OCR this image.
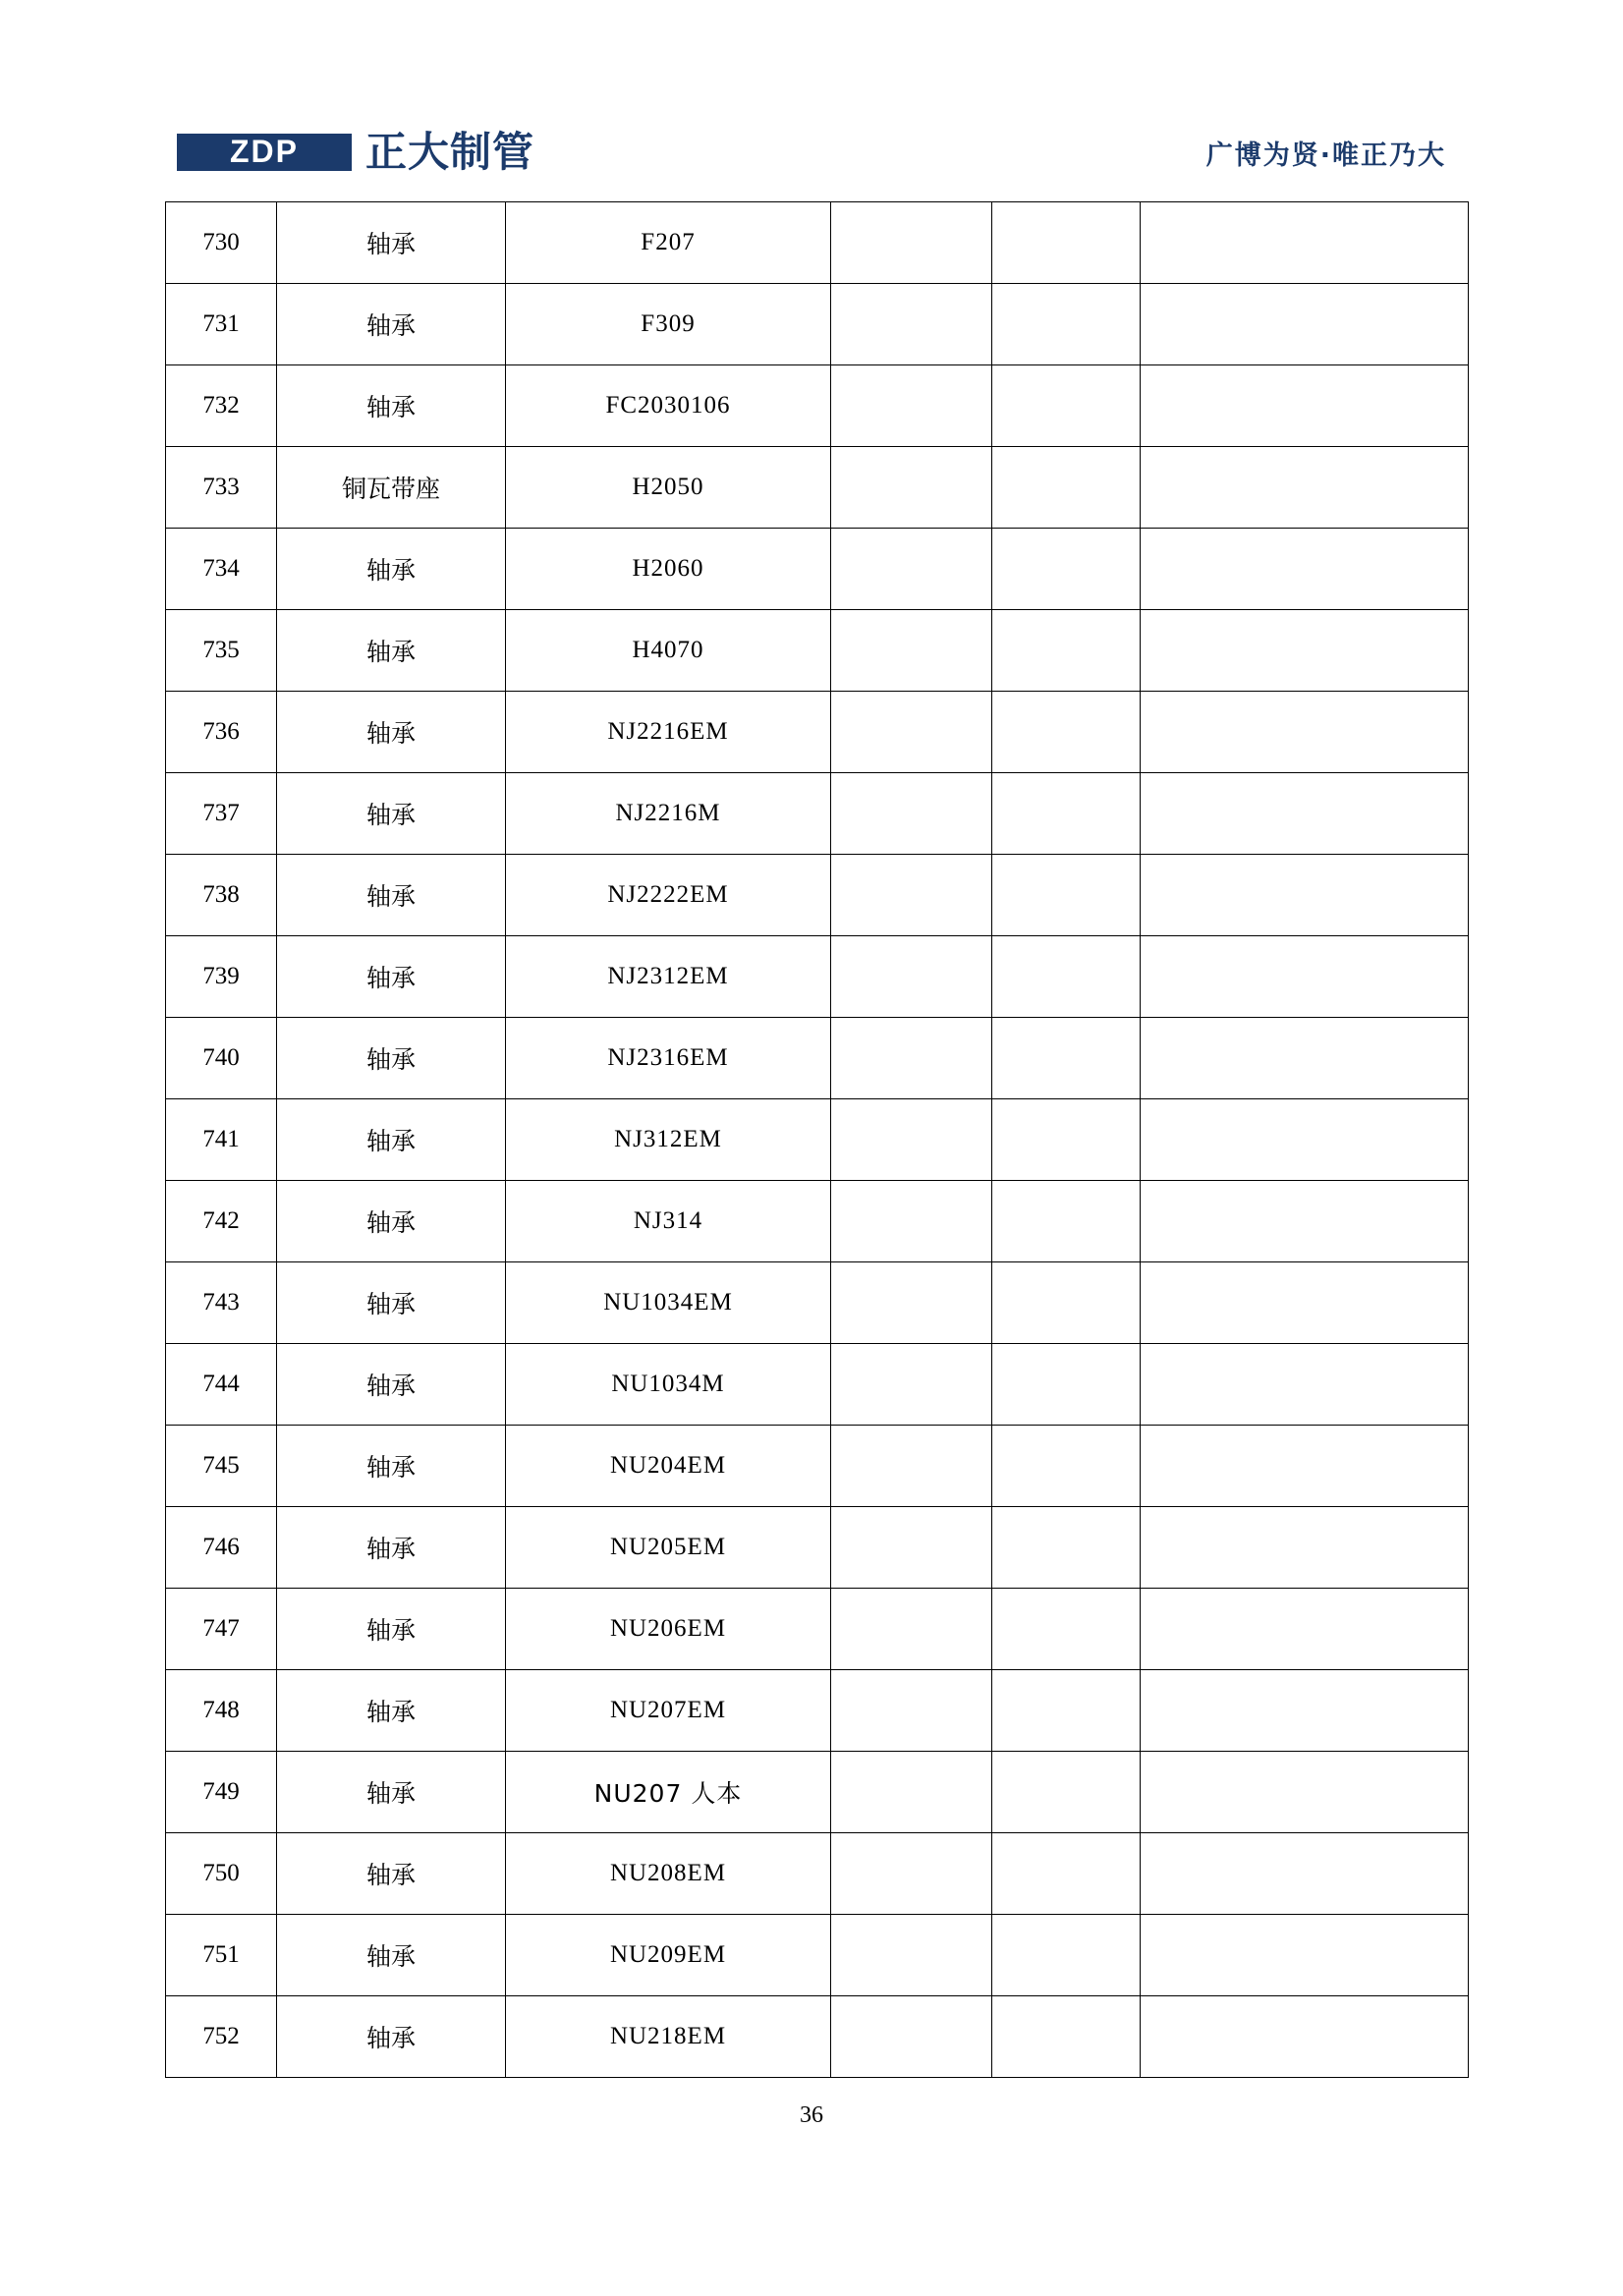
ZDP 正大制管	广博为贤·唯正乃大
730	轴承	F207			
731	轴承	F309			
732	轴承	FC2030106			
733	铜瓦带座	H2050			
734	轴承	H2060			
735	轴承	H4070			
736	轴承	NJ2216EM			
737	轴承	NJ2216M			
738	轴承	NJ2222EM			
739	轴承	NJ2312EM			
740	轴承	NJ2316EM			
741	轴承	NJ312EM			
742	轴承	NJ314			
743	轴承	NU1034EM			
744	轴承	NU1034M			
745	轴承	NU204EM			
746	轴承	NU205EM			
747	轴承	NU206EM			
748	轴承	NU207EM			
749	轴承	NU207 人本			
750	轴承	NU208EM			
751	轴承	NU209EM			
752	轴承	NU218EM			
36
